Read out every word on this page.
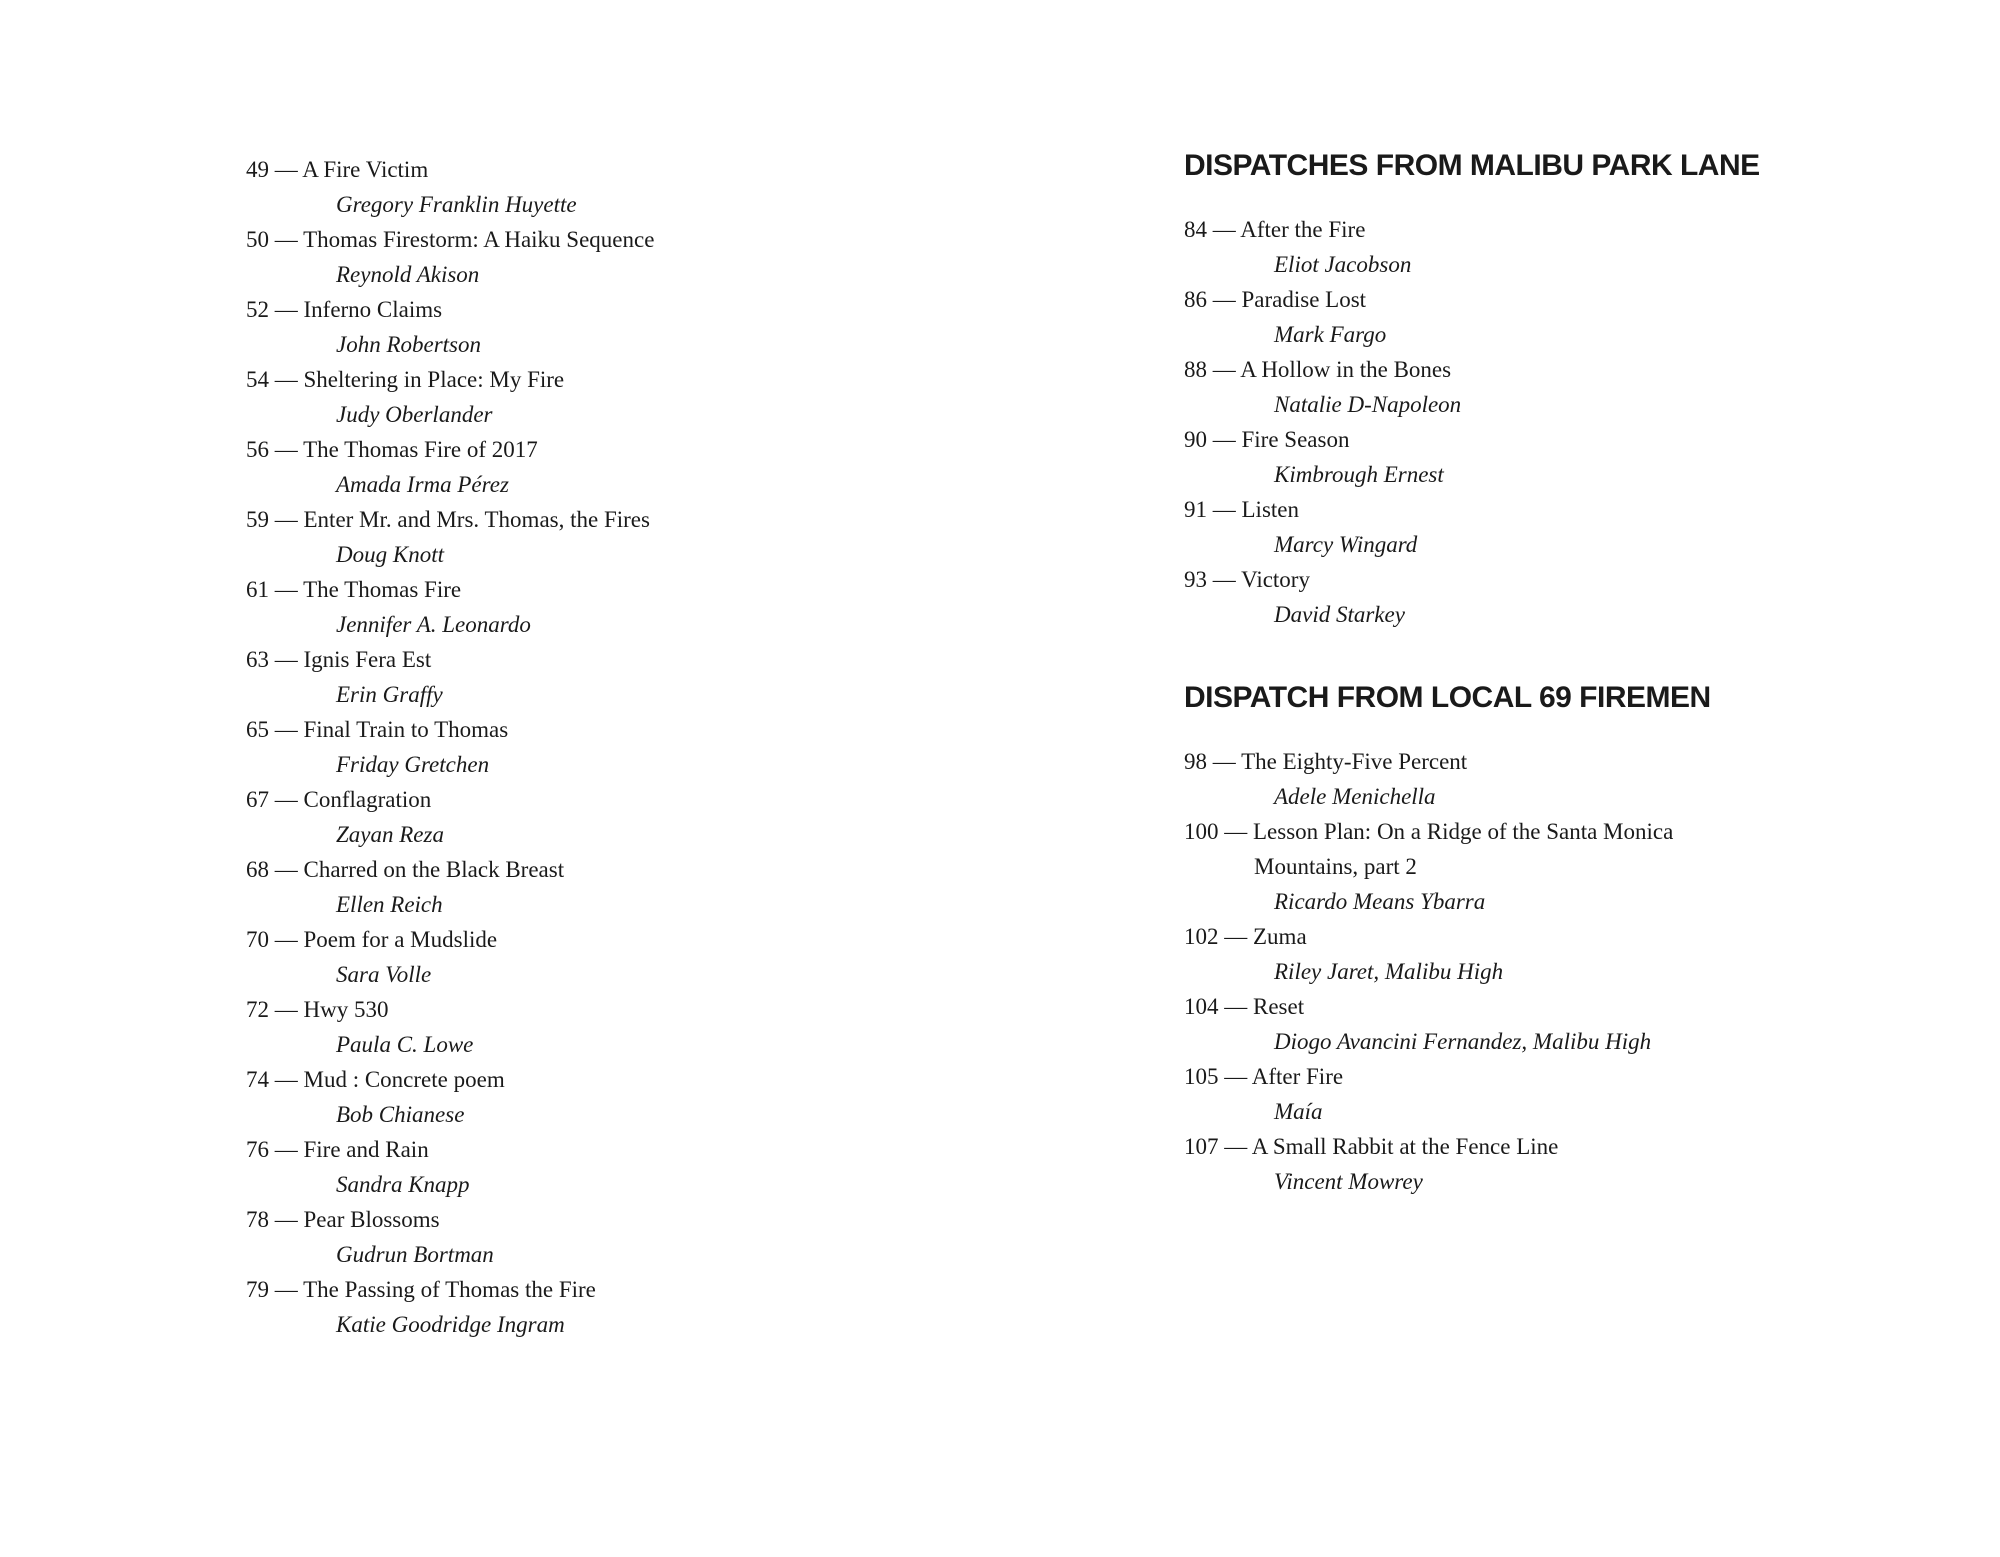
49 — A Fire Victim
Gregory Franklin Huyette
50 — Thomas Firestorm: A Haiku Sequence
Reynold Akison
52 — Inferno Claims
John Robertson
54 — Sheltering in Place: My Fire
Judy Oberlander
56 — The Thomas Fire of 2017
Amada Irma Pérez
59 — Enter Mr. and Mrs. Thomas, the Fires
Doug Knott
61 — The Thomas Fire
Jennifer A. Leonardo
63 — Ignis Fera Est
Erin Graffy
65 — Final Train to Thomas
Friday Gretchen
67 — Conflagration
Zayan Reza
68 — Charred on the Black Breast
Ellen Reich
70 — Poem for a Mudslide
Sara Volle
72 — Hwy 530
Paula C. Lowe
74 — Mud : Concrete poem
Bob Chianese
76 — Fire and Rain
Sandra Knapp
78 — Pear Blossoms
Gudrun Bortman
79 — The Passing of Thomas the Fire
Katie Goodridge Ingram
DISPATCHES FROM MALIBU PARK LANE
84 — After the Fire
Eliot Jacobson
86 — Paradise Lost
Mark Fargo
88 — A Hollow in the Bones
Natalie D-Napoleon
90 — Fire Season
Kimbrough Ernest
91 — Listen
Marcy Wingard
93 — Victory
David Starkey
DISPATCH FROM LOCAL 69 FIREMEN
98 — The Eighty-Five Percent
Adele Menichella
100 — Lesson Plan: On a Ridge of the Santa Monica
Mountains, part 2
Ricardo Means Ybarra
102 — Zuma
Riley Jaret, Malibu High
104 — Reset
Diogo Avancini Fernandez, Malibu High
105 — After Fire
Maía
107 — A Small Rabbit at the Fence Line
Vincent Mowrey
